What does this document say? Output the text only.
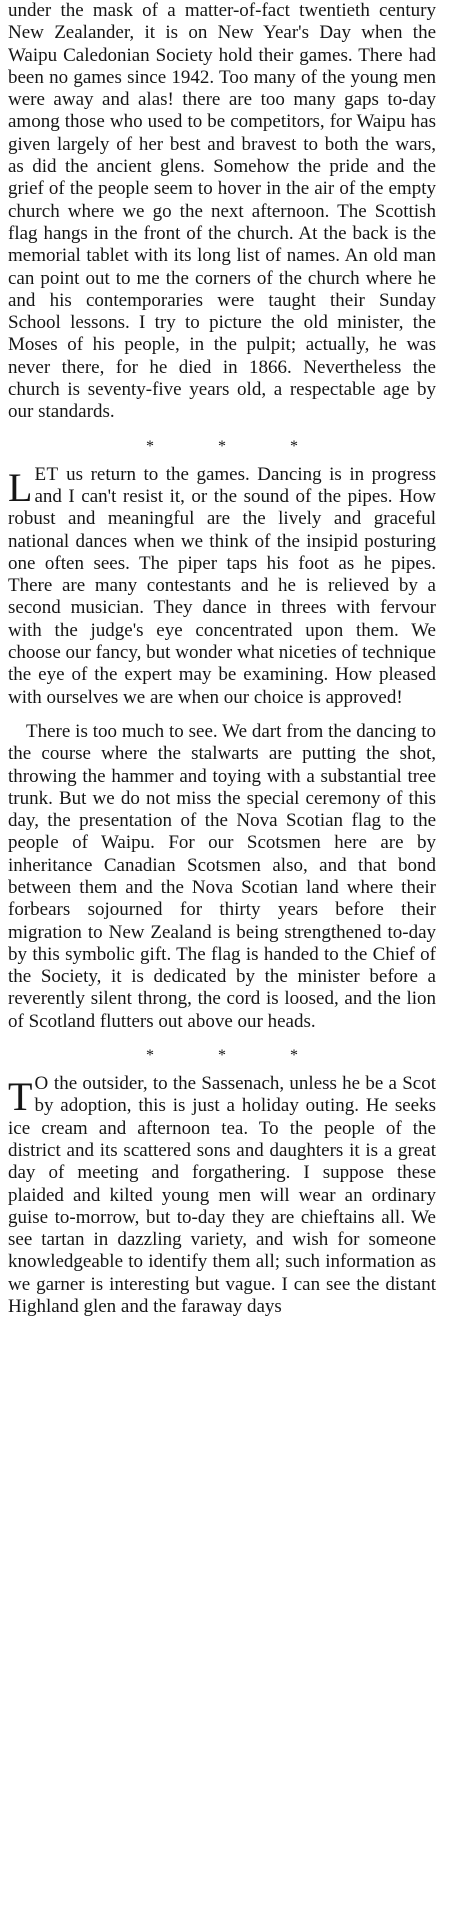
under the mask of a matter-of-fact twentieth century New Zealander, it is on New Year's Day when the Waipu Caledonian Society hold their games. There had been no games since 1942. Too many of the young men were away and alas! there are too many gaps to-day among those who used to be competitors, for Waipu has given largely of her best and bravest to both the wars, as did the ancient glens. Somehow the pride and the grief of the people seem to hover in the air of the empty church where we go the next afternoon. The Scottish flag hangs in the front of the church. At the back is the memorial tablet with its long list of names. An old man can point out to me the corners of the church where he and his contemporaries were taught their Sunday School lessons. I try to picture the old minister, the Moses of his people, in the pulpit; actually, he was never there, for he died in 1866. Nevertheless the church is seventy-five years old, a respectable age by our standards.

* * *

LET us return to the games. Dancing is in progress and I can't resist it, or the sound of the pipes. How robust and meaningful are the lively and graceful national dances when we think of the insipid posturing one often sees. The piper taps his foot as he pipes. There are many contestants and he is relieved by a second musician. They dance in threes with fervour with the judge's eye concentrated upon them. We choose our fancy, but wonder what niceties of technique the eye of the expert may be examining. How pleased with ourselves we are when our choice is approved!

There is too much to see. We dart from the dancing to the course where the stalwarts are putting the shot, throwing the hammer and toying with a substantial tree trunk. But we do not miss the special ceremony of this day, the presentation of the Nova Scotian flag to the people of Waipu. For our Scotsmen here are by inheritance Canadian Scotsmen also, and that bond between them and the Nova Scotian land where their forbears sojourned for thirty years before their migration to New Zealand is being strengthened to-day by this symbolic gift. The flag is handed to the Chief of the Society, it is dedicated by the minister before a reverently silent throng, the cord is loosed, and the lion of Scotland flutters out above our heads.

* * *

T O the outsider, to the Sassenach, unless he be a Scot by adoption, this is just a holiday outing. He seeks ice cream and afternoon tea. To the people of the district and its scattered sons and daughters it is a great day of meeting and forgathering. I suppose these plaided and kilted young men will wear an ordinary guise to-morrow, but to-day they are chieftains all. We see tartan in dazzling variety, and wish for someone knowledgeable to identify them all; such information as we garner is interesting but vague. I can see the distant Highland glen and the faraway days
